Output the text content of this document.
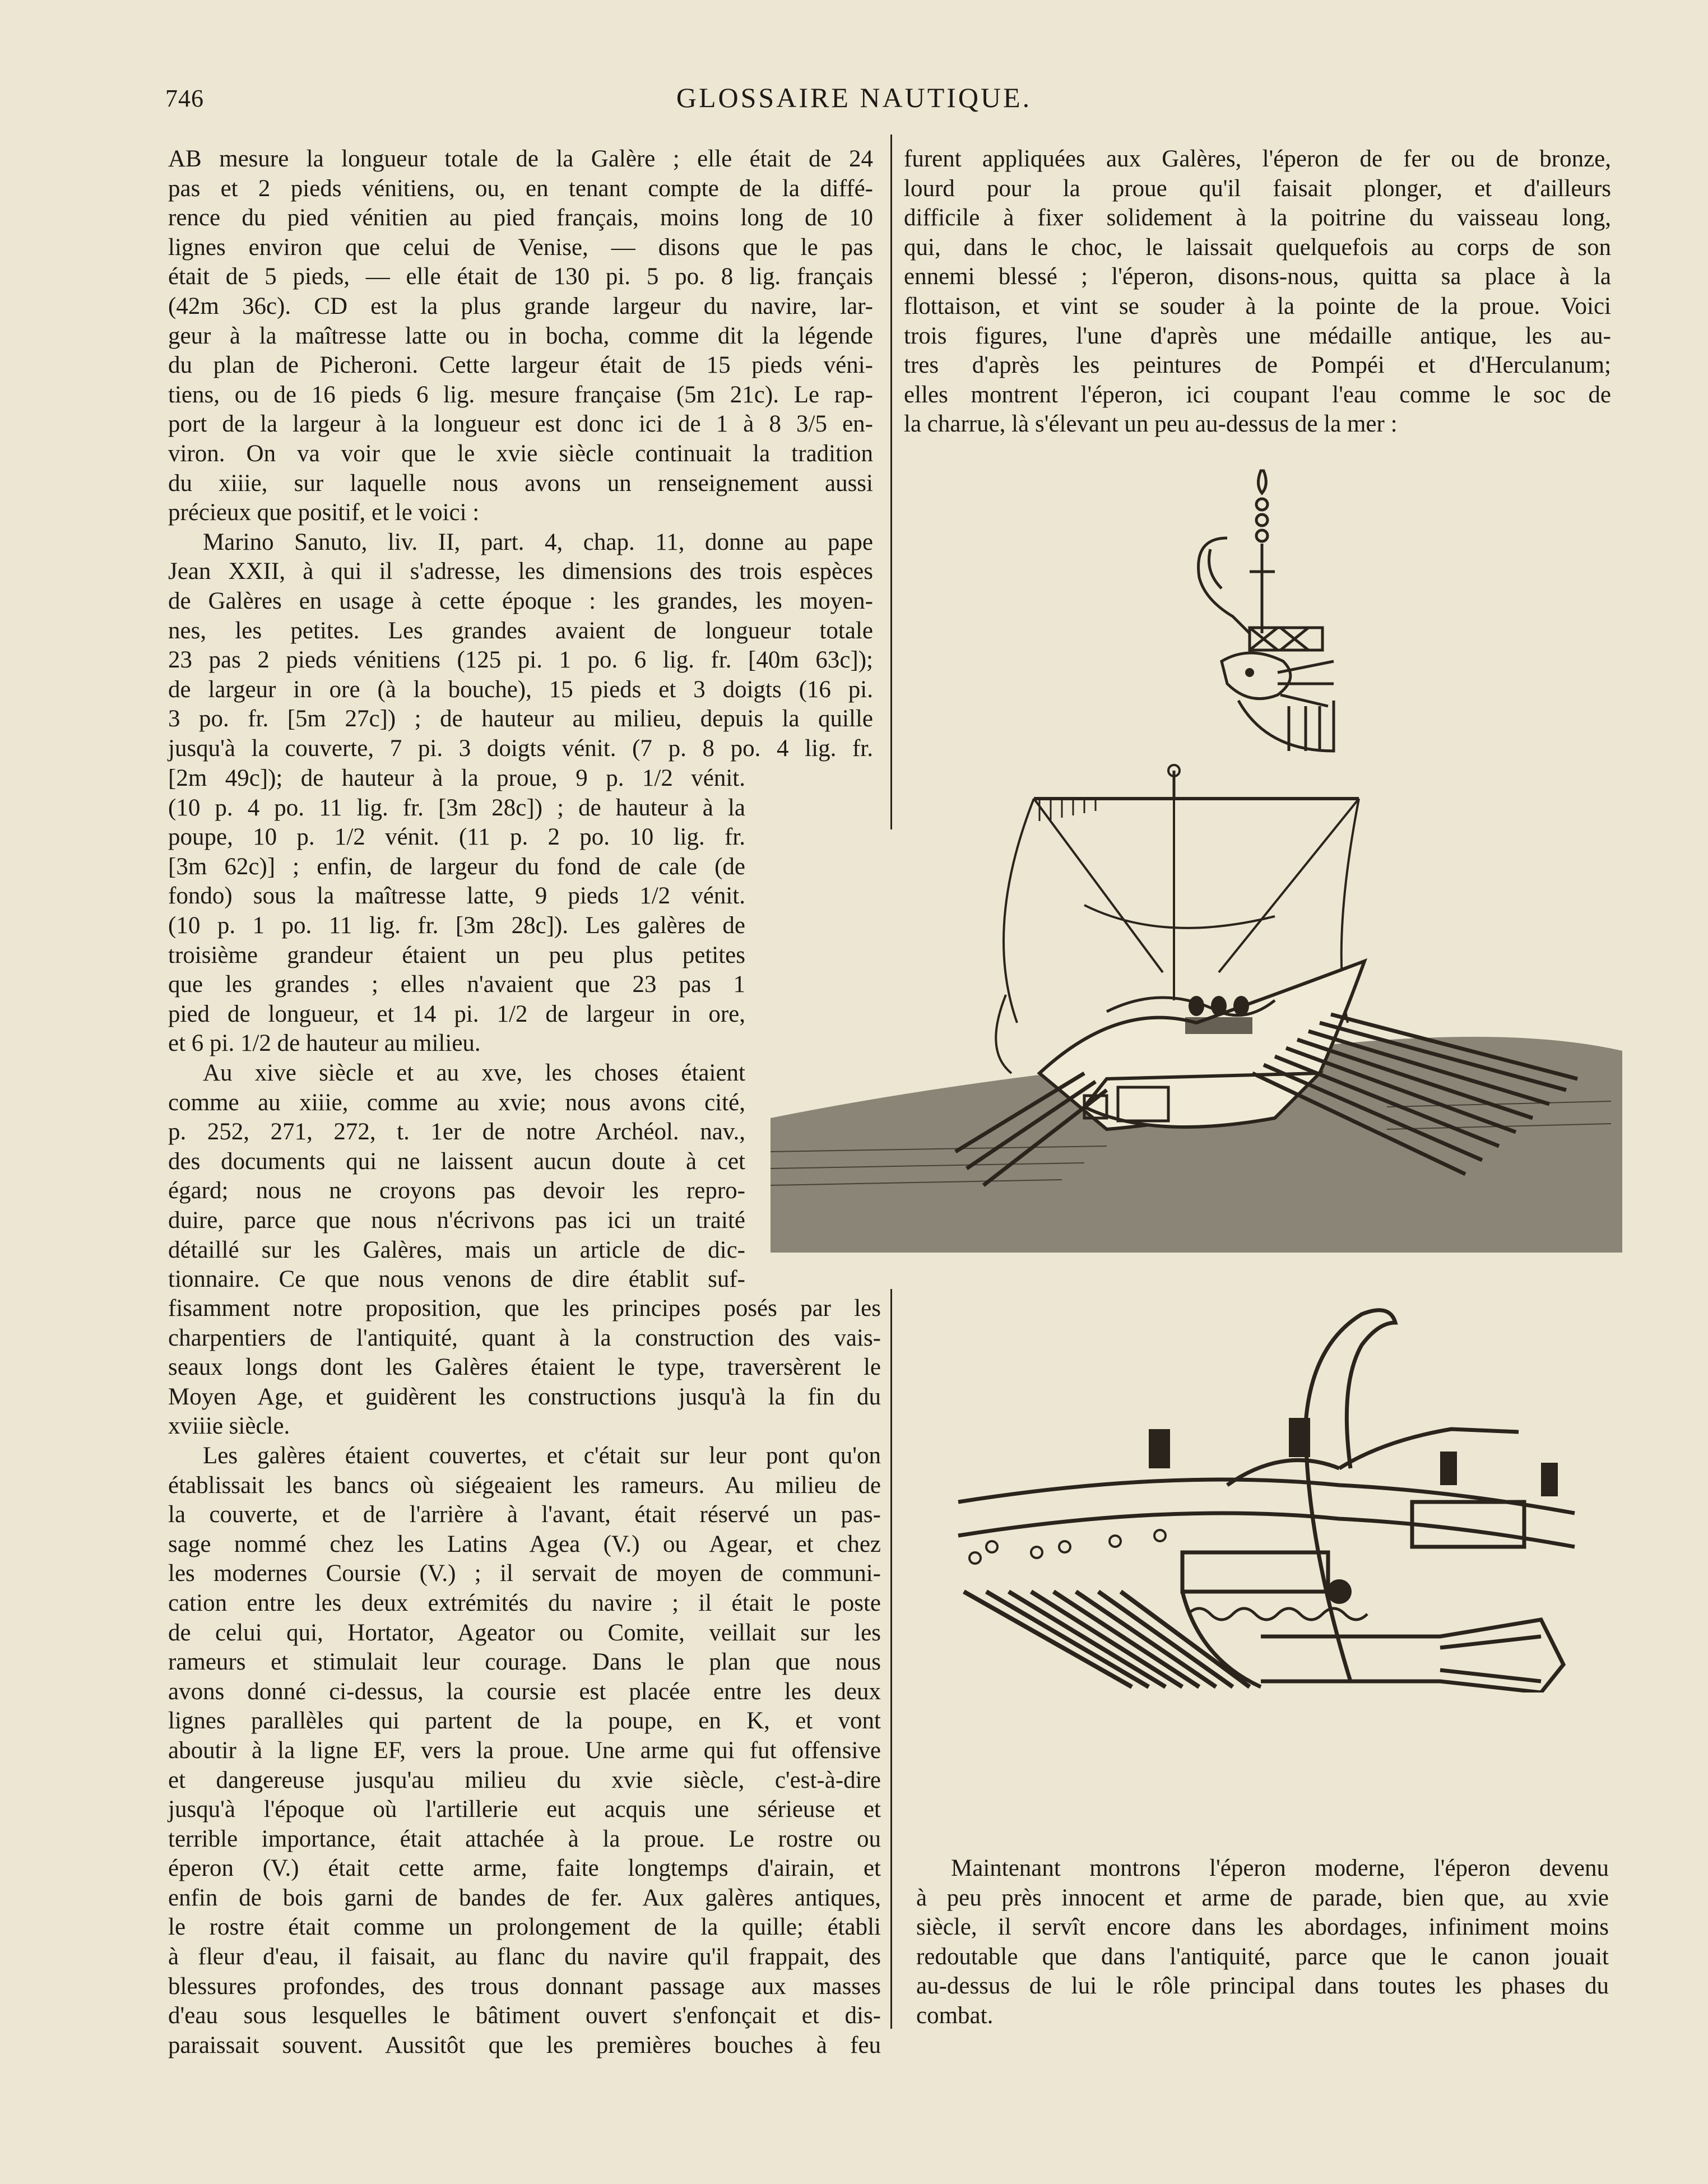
746	GLOSSAIRE NAUTIQUE.
AB mesure la longueur totale de la Galère ; elle était de 24
pas et 2 pieds vénitiens, ou, en tenant compte de la diffé-
rence du pied vénitien au pied français, moins long de 10
lignes environ que celui de Venise, — disons que le pas
était de 5 pieds, — elle était de 130 pi. 5 po. 8 lig. français
(42m 36c). CD est la plus grande largeur du navire, lar-
geur à la maîtresse latte ou in bocha, comme dit la légende
du plan de Picheroni. Cette largeur était de 15 pieds véni-
tiens, ou de 16 pieds 6 lig. mesure française (5m 21c). Le rap-
port de la largeur à la longueur est donc ici de 1 à 8 3/5 en-
viron. On va voir que le xvie siècle continuait la tradition
du xiiie, sur laquelle nous avons un renseignement aussi
précieux que positif, et le voici :
Marino Sanuto, liv. II, part. 4, chap. 11, donne au pape
Jean XXII, à qui il s'adresse, les dimensions des trois espèces
de Galères en usage à cette époque : les grandes, les moyen-
nes, les petites. Les grandes avaient de longueur totale
23 pas 2 pieds vénitiens (125 pi. 1 po. 6 lig. fr. [40m 63c]);
de largeur in ore (à la bouche), 15 pieds et 3 doigts (16 pi.
3 po. fr. [5m 27c]) ; de hauteur au milieu, depuis la quille
jusqu'à la couverte, 7 pi. 3 doigts vénit. (7 p. 8 po. 4 lig. fr.
[2m 49c]); de hauteur à la proue, 9 p. 1/2 vénit.
(10 p. 4 po. 11 lig. fr. [3m 28c]) ; de hauteur à la
poupe, 10 p. 1/2 vénit. (11 p. 2 po. 10 lig. fr.
[3m 62c)] ; enfin, de largeur du fond de cale (de
fondo) sous la maîtresse latte, 9 pieds 1/2 vénit.
(10 p. 1 po. 11 lig. fr. [3m 28c]). Les galères de
troisième grandeur étaient un peu plus petites
que les grandes ; elles n'avaient que 23 pas 1
pied de longueur, et 14 pi. 1/2 de largeur in ore,
et 6 pi. 1/2 de hauteur au milieu.
Au xive siècle et au xve, les choses étaient
comme au xiiie, comme au xvie; nous avons cité,
p. 252, 271, 272, t. 1er de notre Archéol. nav.,
des documents qui ne laissent aucun doute à cet
égard; nous ne croyons pas devoir les repro-
duire, parce que nous n'écrivons pas ici un traité
détaillé sur les Galères, mais un article de dic-
tionnaire. Ce que nous venons de dire établit suf-
fisamment notre proposition, que les principes posés par les
charpentiers de l'antiquité, quant à la construction des vais-
seaux longs dont les Galères étaient le type, traversèrent le
Moyen Age, et guidèrent les constructions jusqu'à la fin du
xviiie siècle.
Les galères étaient couvertes, et c'était sur leur pont qu'on
établissait les bancs où siégeaient les rameurs. Au milieu de
la couverte, et de l'arrière à l'avant, était réservé un pas-
sage nommé chez les Latins Agea (V.) ou Agear, et chez
les modernes Coursie (V.) ; il servait de moyen de communi-
cation entre les deux extrémités du navire ; il était le poste
de celui qui, Hortator, Ageator ou Comite, veillait sur les
rameurs et stimulait leur courage. Dans le plan que nous
avons donné ci-dessus, la coursie est placée entre les deux
lignes parallèles qui partent de la poupe, en K, et vont
aboutir à la ligne EF, vers la proue. Une arme qui fut offensive
et dangereuse jusqu'au milieu du xvie siècle, c'est-à-dire
jusqu'à l'époque où l'artillerie eut acquis une sérieuse et
terrible importance, était attachée à la proue. Le rostre ou
éperon (V.) était cette arme, faite longtemps d'airain, et
enfin de bois garni de bandes de fer. Aux galères antiques,
le rostre était comme un prolongement de la quille; établi
à fleur d'eau, il faisait, au flanc du navire qu'il frappait, des
blessures profondes, des trous donnant passage aux masses
d'eau sous lesquelles le bâtiment ouvert s'enfonçait et dis-
paraissait souvent. Aussitôt que les premières bouches à feu
furent appliquées aux Galères, l'éperon de fer ou de bronze,
lourd pour la proue qu'il faisait plonger, et d'ailleurs
difficile à fixer solidement à la poitrine du vaisseau long,
qui, dans le choc, le laissait quelquefois au corps de son
ennemi blessé ; l'éperon, disons-nous, quitta sa place à la
flottaison, et vint se souder à la pointe de la proue. Voici
trois figures, l'une d'après une médaille antique, les au-
tres d'après les peintures de Pompéi et d'Herculanum;
elles montrent l'éperon, ici coupant l'eau comme le soc de
la charrue, là s'élevant un peu au-dessus de la mer :
Maintenant montrons l'éperon moderne, l'éperon devenu
à peu près innocent et arme de parade, bien que, au xvie
siècle, il servît encore dans les abordages, infiniment moins
redoutable que dans l'antiquité, parce que le canon jouait
au-dessus de lui le rôle principal dans toutes les phases du
combat.
